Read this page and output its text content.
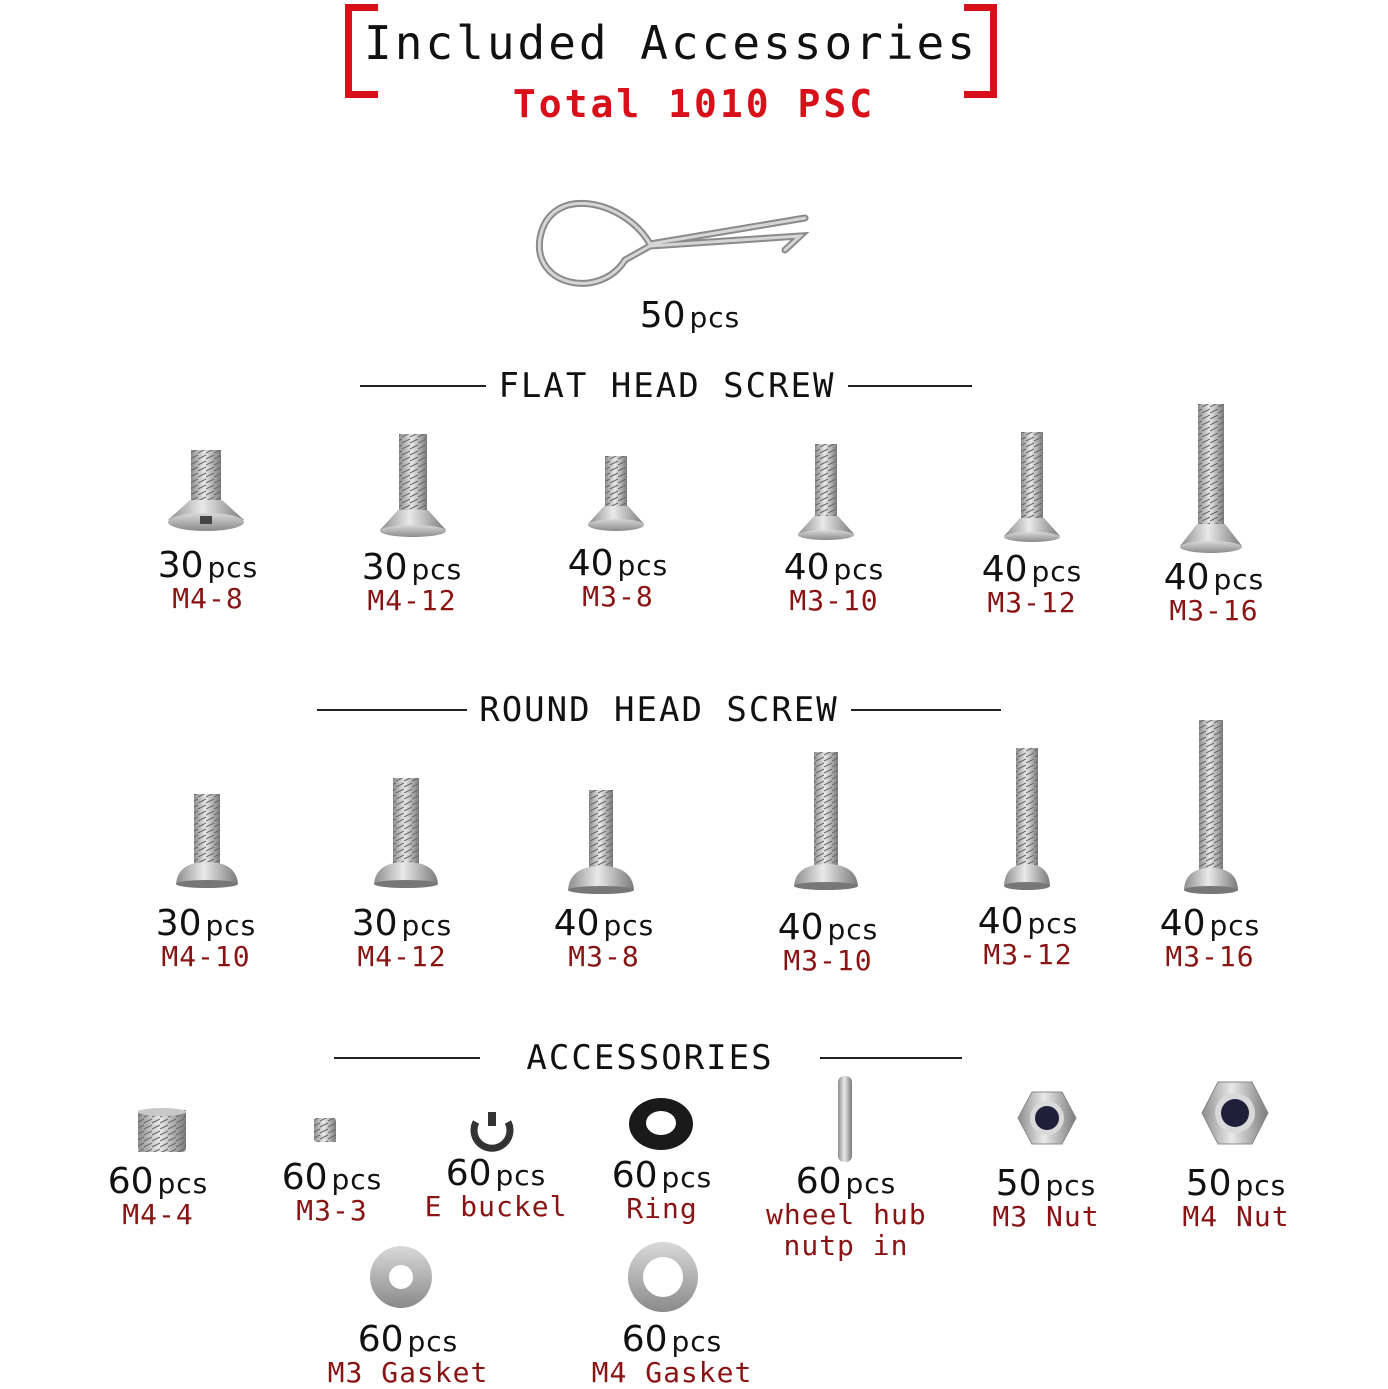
Included Accessories
Total 1010 PSC
50 pcs
FLAT HEAD SCREW
30 pcs
M4-8
30 pcs
M4-12
40 pcs
M3-8
40 pcs
M3-10
40 pcs
M3-12
40 pcs
M3-16
ROUND HEAD SCREW
30 pcs
M4-10
30 pcs
M4-12
40 pcs
M3-8
40 pcs
M3-10
40 pcs
M3-12
40 pcs
M3-16
ACCESSORIES
60 pcs
M4-4
60 pcs
M3-3
60 pcs
E buckel
60 pcs
Ring
60 pcs
wheel hub
nutp in
50 pcs
M3 Nut
50 pcs
M4 Nut
60 pcs
M3 Gasket
60 pcs
M4 Gasket
